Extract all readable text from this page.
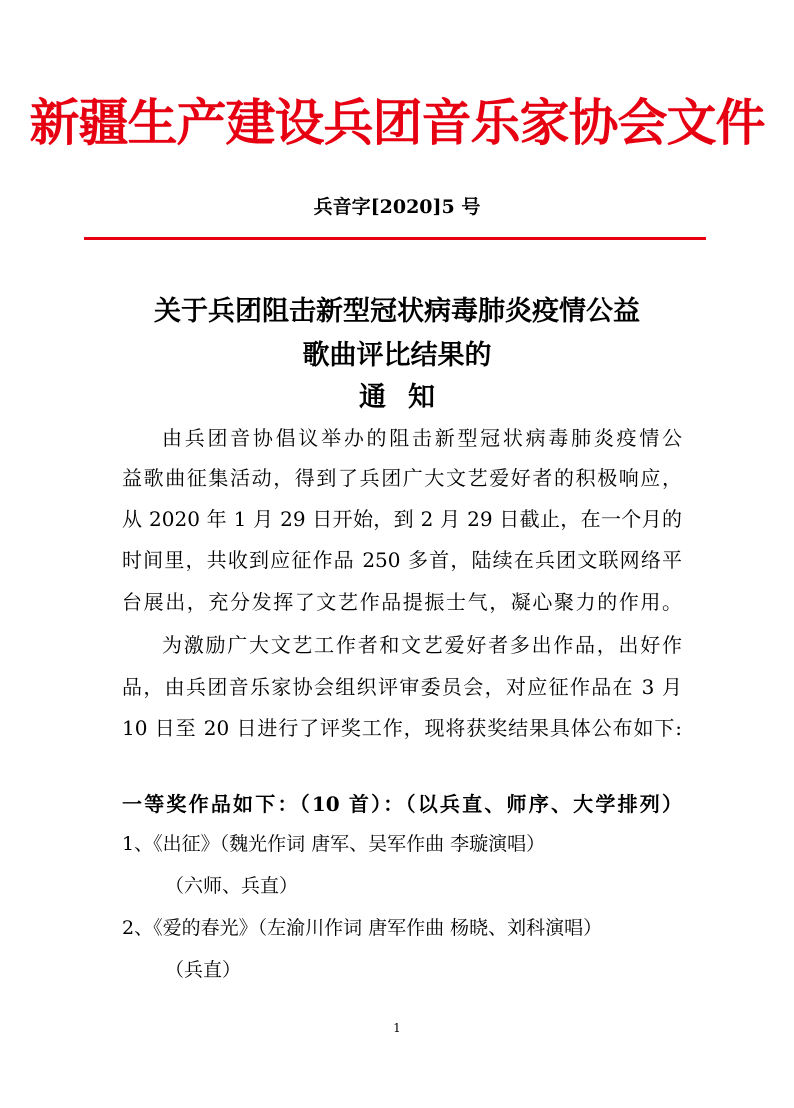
新疆生产建设兵团音乐家协会文件
兵音字[2020]5 号
关于兵团阻击新型冠状病毒肺炎疫情公益
歌曲评比结果的
通知
由兵团音协倡议举办的阻击新型冠状病毒肺炎疫情公
益歌曲征集活动，得到了兵团广大文艺爱好者的积极响应，
从 2020 年 1 月 29 日开始，到 2 月 29 日截止，在一个月的
时间里，共收到应征作品 250 多首，陆续在兵团文联网络平
台展出，充分发挥了文艺作品提振士气，凝心聚力的作用。
为激励广大文艺工作者和文艺爱好者多出作品，出好作
品，由兵团音乐家协会组织评审委员会，对应征作品在 3 月
10 日至 20 日进行了评奖工作，现将获奖结果具体公布如下:
一等奖作品如下：（10 首）：（以兵直、师序、大学排列）
1、《出征》（魏光作词 唐军、吴军作曲 李璇演唱）
（六师、兵直）
2、《爱的春光》（左渝川作词 唐军作曲 杨晓、刘科演唱）
（兵直）
1
